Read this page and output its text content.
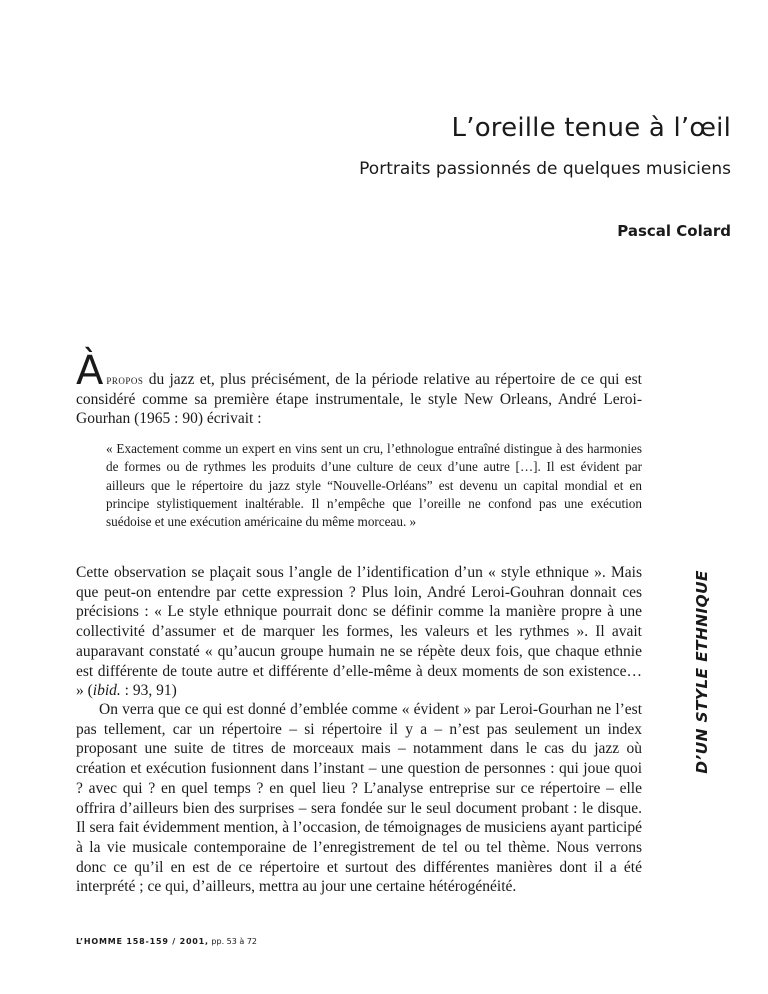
L’oreille tenue à l’œil
Portraits passionnés de quelques musiciens
Pascal Colard
Àpropos du jazz et, plus précisément, de la période relative au répertoire de ce qui est considéré comme sa première étape instrumentale, le style New Orleans, André Leroi-Gourhan (1965 : 90) écrivait :
« Exactement comme un expert en vins sent un cru, l’ethnologue entraîné distingue à des harmonies de formes ou de rythmes les produits d’une culture de ceux d’une autre […]. Il est évident par ailleurs que le répertoire du jazz style “Nouvelle-Orléans” est devenu un capital mondial et en principe stylistiquement inaltérable. Il n’empêche que l’oreille ne confond pas une exécution suédoise et une exécution américaine du même morceau. »
Cette observation se plaçait sous l’angle de l’identification d’un « style ethnique ». Mais que peut-on entendre par cette expression ? Plus loin, André Leroi-Gouhran donnait ces précisions : « Le style ethnique pourrait donc se définir comme la manière propre à une collectivité d’assumer et de marquer les formes, les valeurs et les rythmes ». Il avait auparavant constaté « qu’aucun groupe humain ne se répète deux fois, que chaque ethnie est différente de toute autre et différente d’elle-même à deux moments de son existence… » (ibid. : 93, 91)
On verra que ce qui est donné d’emblée comme « évident » par Leroi-Gourhan ne l’est pas tellement, car un répertoire – si répertoire il y a – n’est pas seulement un index proposant une suite de titres de morceaux mais – notamment dans le cas du jazz où création et exécution fusionnent dans l’instant – une question de personnes : qui joue quoi ? avec qui ? en quel temps ? en quel lieu ? L’analyse entreprise sur ce répertoire – elle offrira d’ailleurs bien des surprises – sera fondée sur le seul document probant : le disque. Il sera fait évidemment mention, à l’occasion, de témoignages de musiciens ayant participé à la vie musicale contemporaine de l’enregistrement de tel ou tel thème. Nous verrons donc ce qu’il en est de ce répertoire et surtout des différentes manières dont il a été interprété ; ce qui, d’ailleurs, mettra au jour une certaine hétérogénéité.
D’UN STYLE ETHNIQUE
L’HOMME 158-159 / 2001, pp. 53 à 72
